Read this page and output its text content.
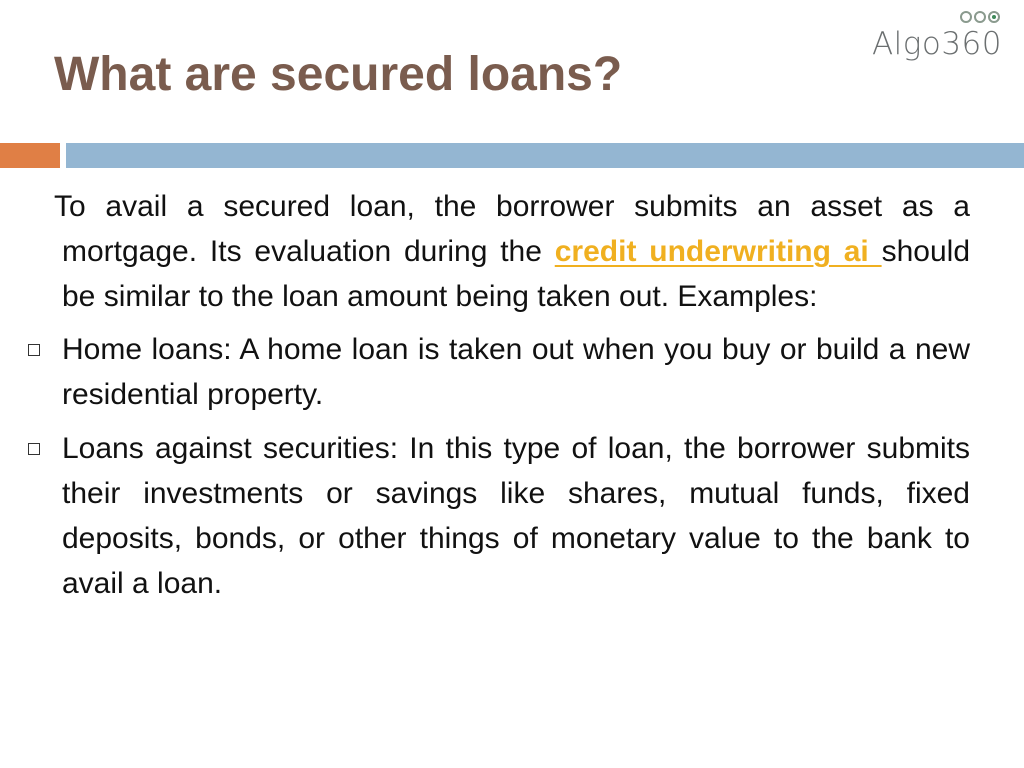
Algo360
What are secured loans?

To avail a secured loan, the borrower submits an asset as a mortgage. Its evaluation during the credit underwriting ai should be similar to the loan amount being taken out. Examples:

Home loans: A home loan is taken out when you buy or build a new residential property.
Loans against securities: In this type of loan, the borrower submits their investments or savings like shares, mutual funds, fixed deposits, bonds, or other things of monetary value to the bank to avail a loan.
